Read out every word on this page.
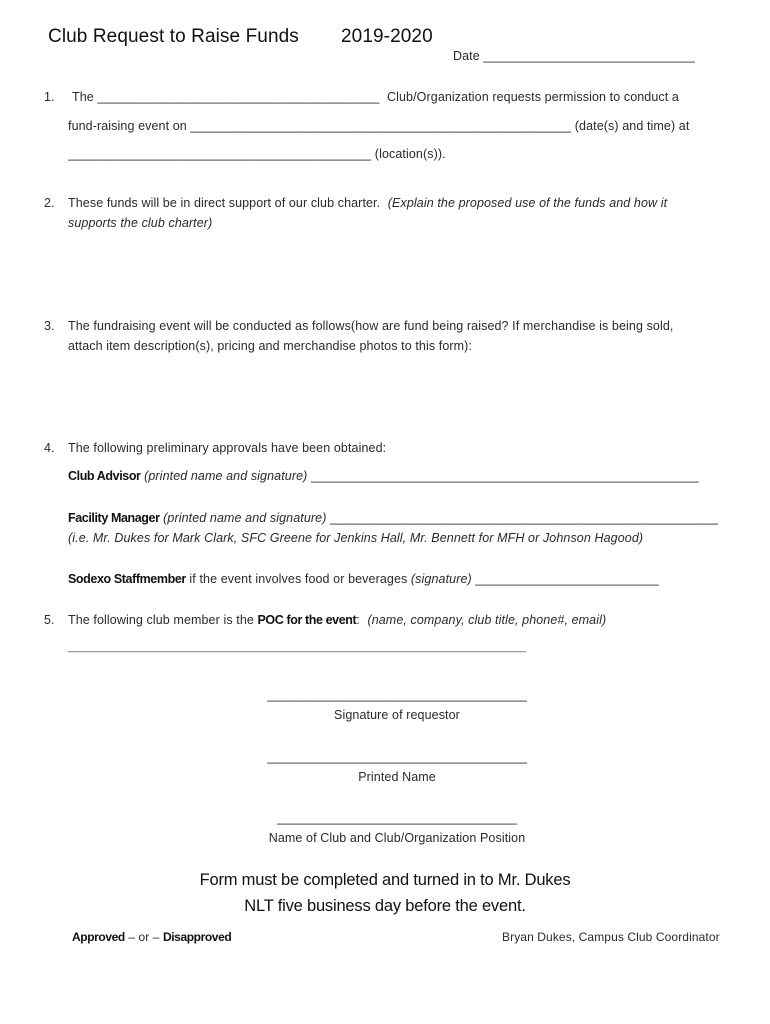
Club Request to Raise Funds 2019-2020
Date ______________________________
1.	The ________________________________________ Club/Organization requests permission to conduct a
fund-raising event on ______________________________________________________ (date(s) and time) at
___________________________________________ (location(s)).
2.	These funds will be in direct support of our club charter. (Explain the proposed use of the funds and how it
supports the club charter)
3.	The fundraising event will be conducted as follows(how are fund being raised? If merchandise is being sold,
attach item description(s), pricing and merchandise photos to this form):
4.	The following preliminary approvals have been obtained:
Club Advisor (printed name and signature) _______________________________________________________
Facility Manager (printed name and signature) _______________________________________________________
(i.e. Mr. Dukes for Mark Clark, SFC Greene for Jenkins Hall, Mr. Bennett for MFH or Johnson Hagood)
Sodexo Staffmember if the event involves food or beverages (signature) __________________________
5.	The following club member is the POC for the event: (name, company, club title, phone#, email)
_______________________________________________________________________________________________
_______________________________________
Signature of requestor
_______________________________________
Printed Name
____________________________________
Name of Club and Club/Organization Position
Form must be completed and turned in to Mr. Dukes
NLT five business day before the event.
Approved – or – Disapproved	Bryan Dukes, Campus Club Coordinator
